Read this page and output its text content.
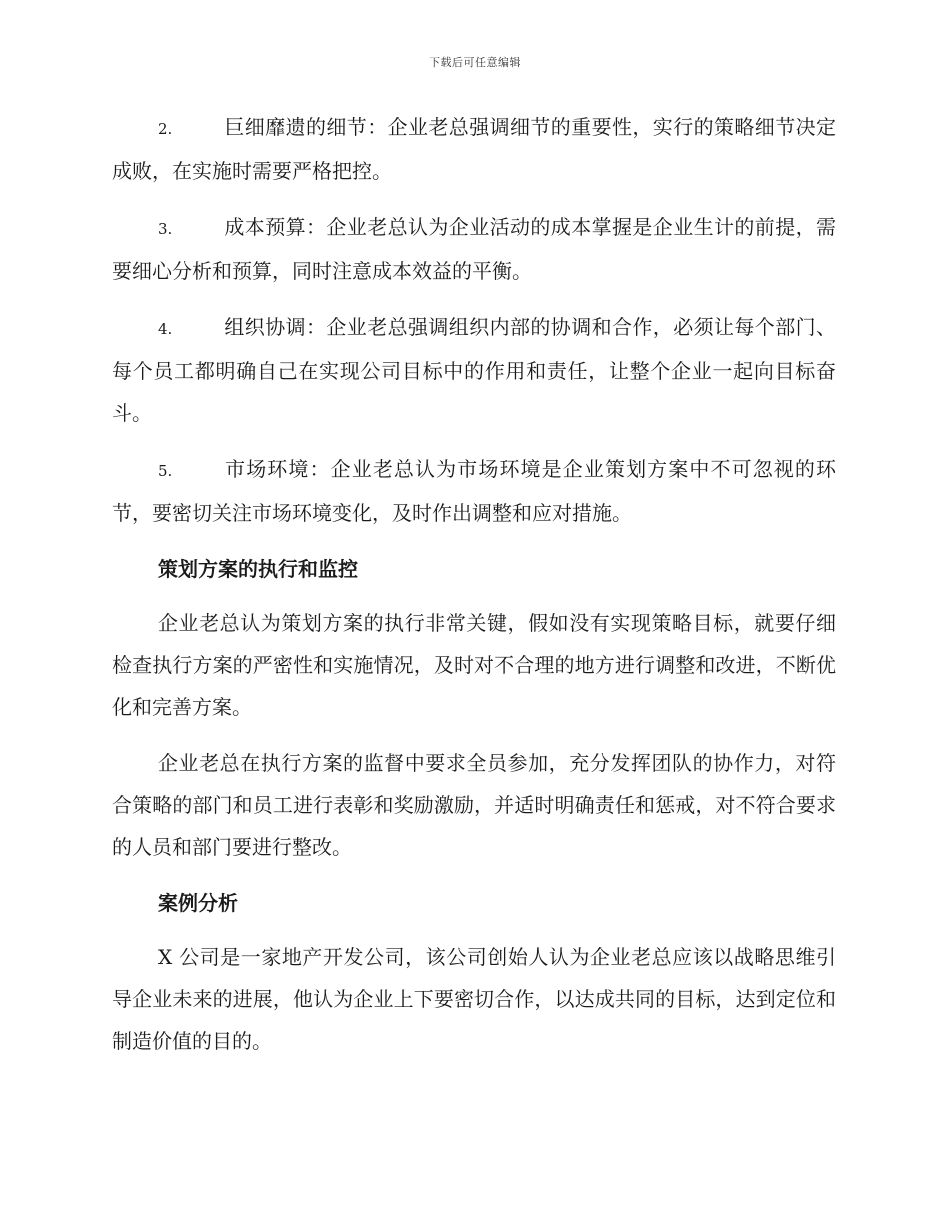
下载后可任意编辑

2.	巨细靡遗的细节：企业老总强调细节的重要性，实行的策略细节决定成败，在实施时需要严格把控。

3.	成本预算：企业老总认为企业活动的成本掌握是企业生计的前提，需要细心分析和预算，同时注意成本效益的平衡。

4.	组织协调：企业老总强调组织内部的协调和合作，必须让每个部门、每个员工都明确自己在实现公司目标中的作用和责任，让整个企业一起向目标奋斗。

5.	市场环境：企业老总认为市场环境是企业策划方案中不可忽视的环节，要密切关注市场环境变化，及时作出调整和应对措施。

策划方案的执行和监控

企业老总认为策划方案的执行非常关键，假如没有实现策略目标，就要仔细检查执行方案的严密性和实施情况，及时对不合理的地方进行调整和改进，不断优化和完善方案。

企业老总在执行方案的监督中要求全员参加，充分发挥团队的协作力，对符合策略的部门和员工进行表彰和奖励激励，并适时明确责任和惩戒，对不符合要求的人员和部门要进行整改。

案例分析

X 公司是一家地产开发公司，该公司创始人认为企业老总应该以战略思维引导企业未来的进展，他认为企业上下要密切合作，以达成共同的目标，达到定位和制造价值的目的。
